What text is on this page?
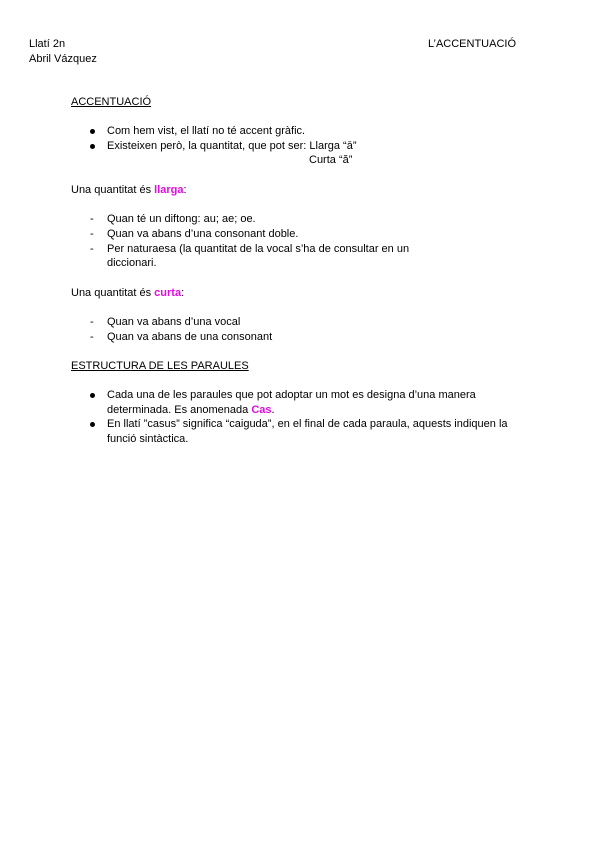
Llatí 2n
Abril Vázquez
L’ACCENTUACIÓ
ACCENTUACIÓ
Com hem vist, el llatí no té accent gràfic.
Existeixen però, la quantitat, que pot ser: Llarga “ā”
Curta “ă”
Una quantitat és llarga:
- Quan té un diftong: au; ae; oe.
- Quan va abans d’una consonant doble.
- Per naturaesa (la quantitat de la vocal s’ha de consultar en un
diccionari.
Una quantitat és curta:
- Quan va abans d’una vocal
- Quan va abans de una consonant
ESTRUCTURA DE LES PARAULES
Cada una de les paraules que pot adoptar un mot es designa d’una manera
determinada. Es anomenada Cas.
En llatí ”casus” significa “caiguda”, en el final de cada paraula, aquests indiquen la
funció sintàctica.
